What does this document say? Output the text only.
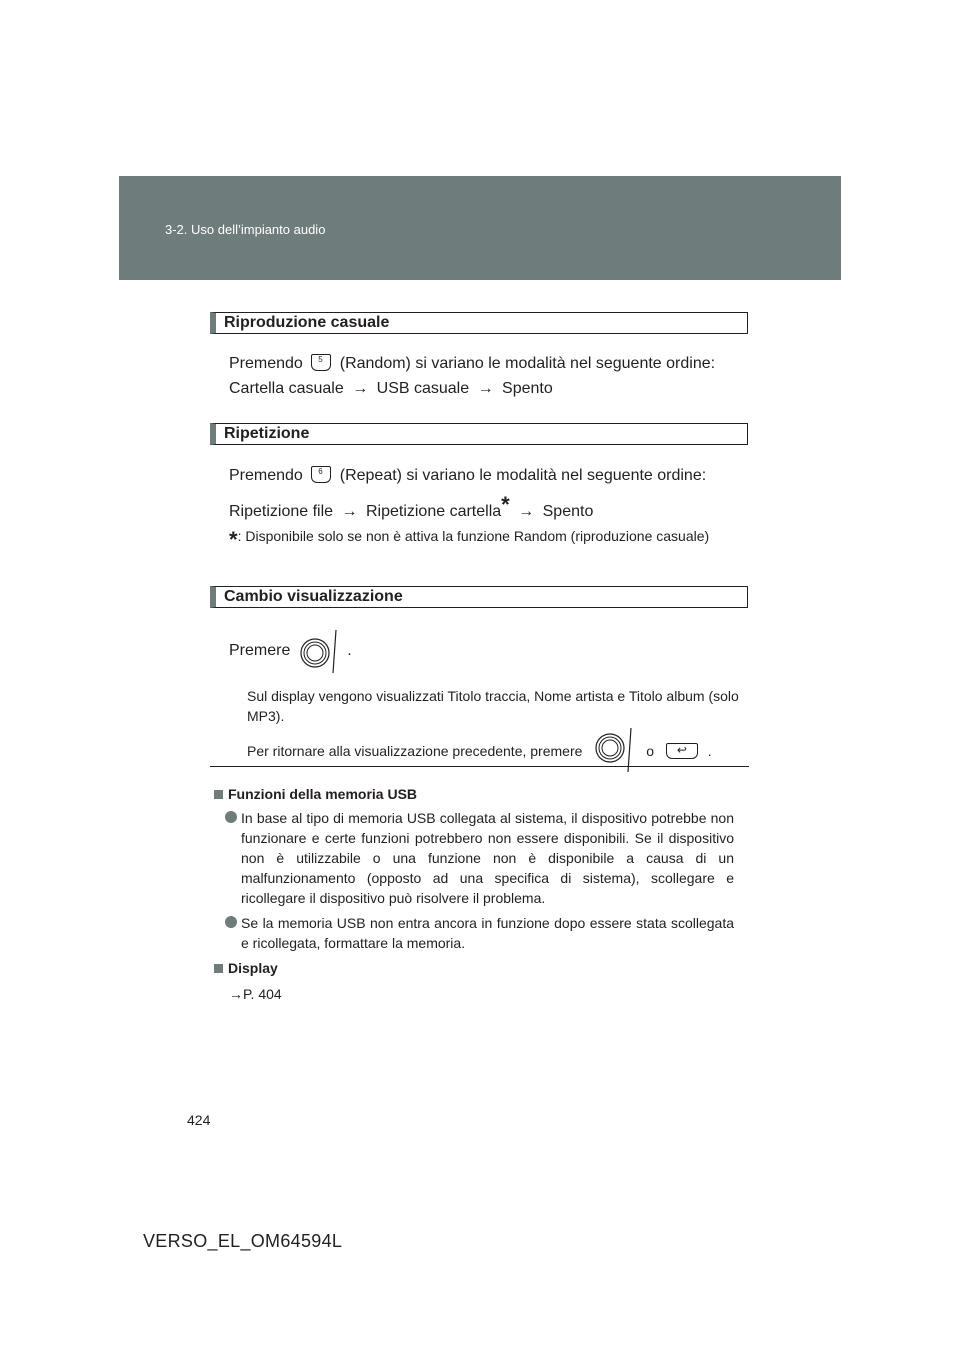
3-2. Uso dell’impianto audio
Riproduzione casuale
Premendo 5 (Random) si variano le modalità nel seguente ordine:
Cartella casuale → USB casuale → Spento
Ripetizione
Premendo 6 (Repeat) si variano le modalità nel seguente ordine:
Ripetizione file → Ripetizione cartella* → Spento
*: Disponibile solo se non è attiva la funzione Random (riproduzione casuale)
Cambio visualizzazione
Premere	.
Sul display vengono visualizzati Titolo traccia, Nome artista e Titolo album (solo MP3).
Per ritornare alla visualizzazione precedente, premere	o ↩ .
Funzioni della memoria USB
In base al tipo di memoria USB collegata al sistema, il dispositivo potrebbe non funzionare e certe funzioni potrebbero non essere disponibili. Se il dispositivo non è utilizzabile o una funzione non è disponibile a causa di un malfunzionamento (opposto ad una specifica di sistema), scollegare e ricollegare il dispositivo può risolvere il problema.
Se la memoria USB non entra ancora in funzione dopo essere stata scollegata e ricollegata, formattare la memoria.
Display
→P. 404
424
VERSO_EL_OM64594L
